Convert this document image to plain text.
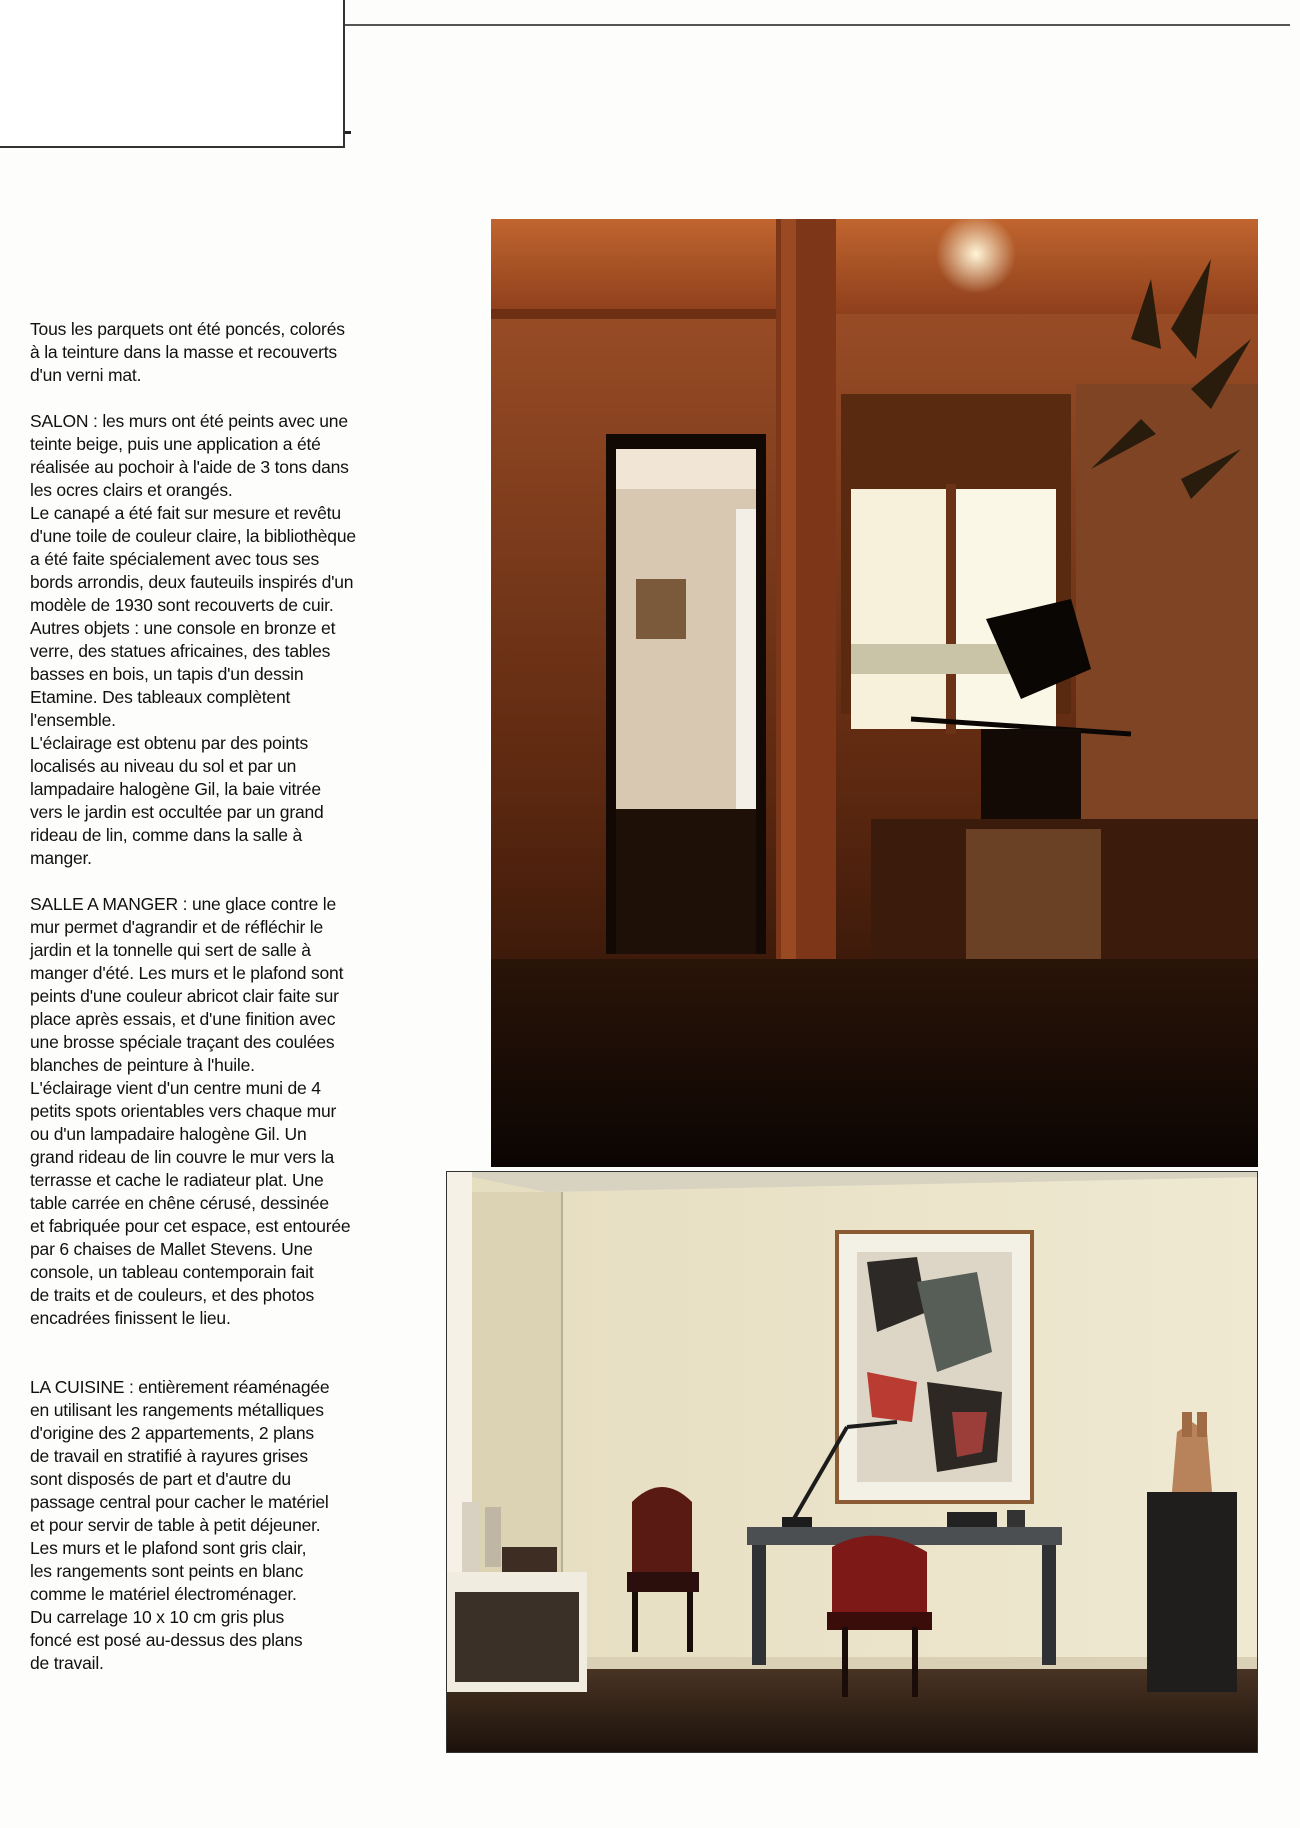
Tous les parquets ont été poncés, colorés
à la teinture dans la masse et recouverts
d'un verni mat.

SALON : les murs ont été peints avec une
teinte beige, puis une application a été
réalisée au pochoir à l'aide de 3 tons dans
les ocres clairs et orangés.
Le canapé a été fait sur mesure et revêtu
d'une toile de couleur claire, la bibliothèque
a été faite spécialement avec tous ses
bords arrondis, deux fauteuils inspirés d'un
modèle de 1930 sont recouverts de cuir.
Autres objets : une console en bronze et
verre, des statues africaines, des tables
basses en bois, un tapis d'un dessin
Etamine. Des tableaux complètent
l'ensemble.
L'éclairage est obtenu par des points
localisés au niveau du sol et par un
lampadaire halogène Gil, la baie vitrée
vers le jardin est occultée par un grand
rideau de lin, comme dans la salle à
manger.

SALLE A MANGER : une glace contre le
mur permet d'agrandir et de réfléchir le
jardin et la tonnelle qui sert de salle à
manger d'été. Les murs et le plafond sont
peints d'une couleur abricot clair faite sur
place après essais, et d'une finition avec
une brosse spéciale traçant des coulées
blanches de peinture à l'huile.
L'éclairage vient d'un centre muni de 4
petits spots orientables vers chaque mur
ou d'un lampadaire halogène Gil. Un
grand rideau de lin couvre le mur vers la
terrasse et cache le radiateur plat. Une
table carrée en chêne cérusé, dessinée
et fabriquée pour cet espace, est entourée
par 6 chaises de Mallet Stevens. Une
console, un tableau contemporain fait
de traits et de couleurs, et des photos
encadrées finissent le lieu.

LA CUISINE : entièrement réaménagée
en utilisant les rangements métalliques
d'origine des 2 appartements, 2 plans
de travail en stratifié à rayures grises
sont disposés de part et d'autre du
passage central pour cacher le matériel
et pour servir de table à petit déjeuner.
Les murs et le plafond sont gris clair,
les rangements sont peints en blanc
comme le matériel électroménager.
Du carrelage 10 x 10 cm gris plus
foncé est posé au-dessus des plans
de travail.
